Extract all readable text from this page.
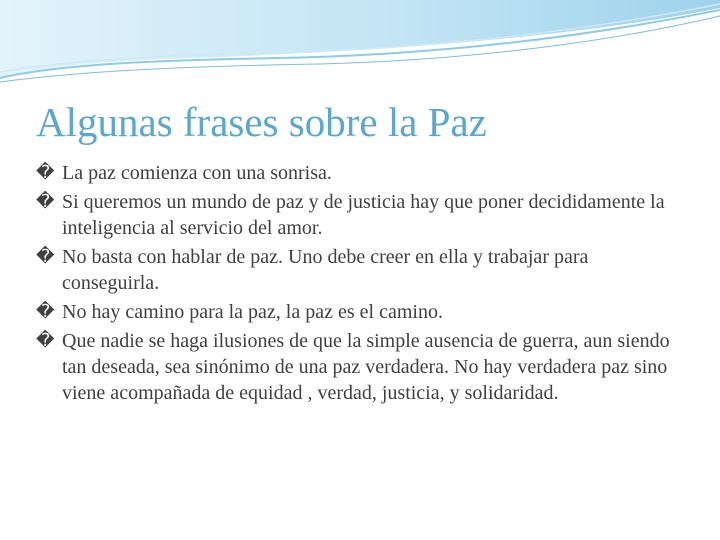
Algunas frases sobre la Paz
� La paz comienza con una sonrisa.
� Si queremos un mundo de paz y de justicia hay que poner decididamente la inteligencia al servicio del amor.
� No basta con hablar de paz. Uno debe creer en ella y trabajar para conseguirla.
� No hay camino para la paz, la paz es el camino.
� Que nadie se haga ilusiones de que la simple ausencia de guerra, aun siendo tan deseada, sea sinónimo de una paz verdadera. No hay verdadera paz sino viene acompañada de equidad , verdad, justicia, y solidaridad.
